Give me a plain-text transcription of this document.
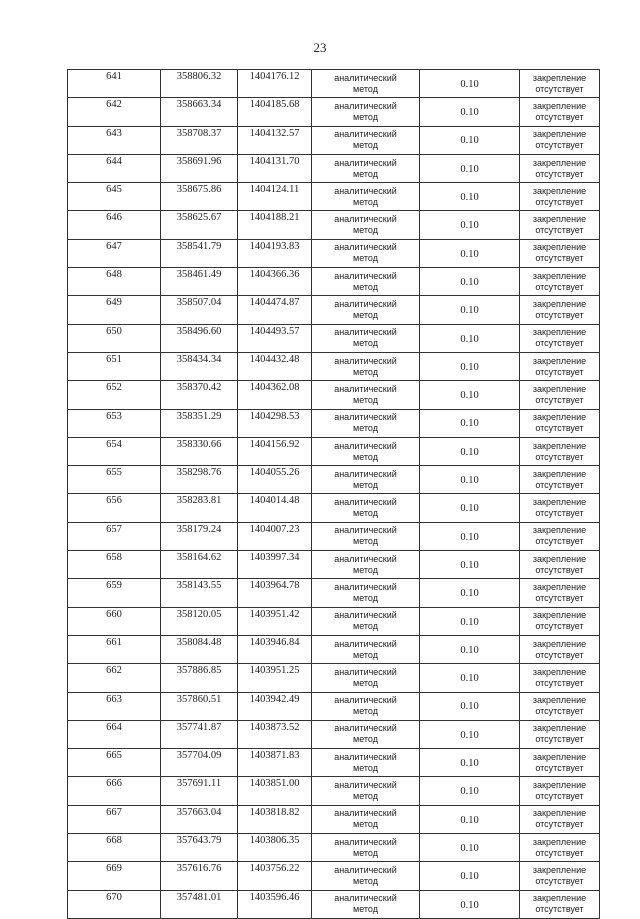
23
641	358806.32	1404176.12	аналитический
метод	0.10	закрепление
отсутствует

642	358663.34	1404185.68	аналитический
метод	0.10	закрепление
отсутствует

643	358708.37	1404132.57	аналитический
метод	0.10	закрепление
отсутствует

644	358691.96	1404131.70	аналитический
метод	0.10	закрепление
отсутствует

645	358675.86	1404124.11	аналитический
метод	0.10	закрепление
отсутствует

646	358625.67	1404188.21	аналитический
метод	0.10	закрепление
отсутствует

647	358541.79	1404193.83	аналитический
метод	0.10	закрепление
отсутствует

648	358461.49	1404366.36	аналитический
метод	0.10	закрепление
отсутствует

649	358507.04	1404474.87	аналитический
метод	0.10	закрепление
отсутствует

650	358496.60	1404493.57	аналитический
метод	0.10	закрепление
отсутствует

651	358434.34	1404432.48	аналитический
метод	0.10	закрепление
отсутствует

652	358370.42	1404362.08	аналитический
метод	0.10	закрепление
отсутствует

653	358351.29	1404298.53	аналитический
метод	0.10	закрепление
отсутствует

654	358330.66	1404156.92	аналитический
метод	0.10	закрепление
отсутствует

655	358298.76	1404055.26	аналитический
метод	0.10	закрепление
отсутствует

656	358283.81	1404014.48	аналитический
метод	0.10	закрепление
отсутствует

657	358179.24	1404007.23	аналитический
метод	0.10	закрепление
отсутствует

658	358164.62	1403997.34	аналитический
метод	0.10	закрепление
отсутствует

659	358143.55	1403964.78	аналитический
метод	0.10	закрепление
отсутствует

660	358120.05	1403951.42	аналитический
метод	0.10	закрепление
отсутствует

661	358084.48	1403946.84	аналитический
метод	0.10	закрепление
отсутствует

662	357886.85	1403951.25	аналитический
метод	0.10	закрепление
отсутствует

663	357860.51	1403942.49	аналитический
метод	0.10	закрепление
отсутствует

664	357741.87	1403873.52	аналитический
метод	0.10	закрепление
отсутствует

665	357704.09	1403871.83	аналитический
метод	0.10	закрепление
отсутствует

666	357691.11	1403851.00	аналитический
метод	0.10	закрепление
отсутствует

667	357663.04	1403818.82	аналитический
метод	0.10	закрепление
отсутствует

668	357643.79	1403806.35	аналитический
метод	0.10	закрепление
отсутствует

669	357616.76	1403756.22	аналитический
метод	0.10	закрепление
отсутствует

670	357481.01	1403596.46	аналитический
метод	0.10	закрепление
отсутствует
